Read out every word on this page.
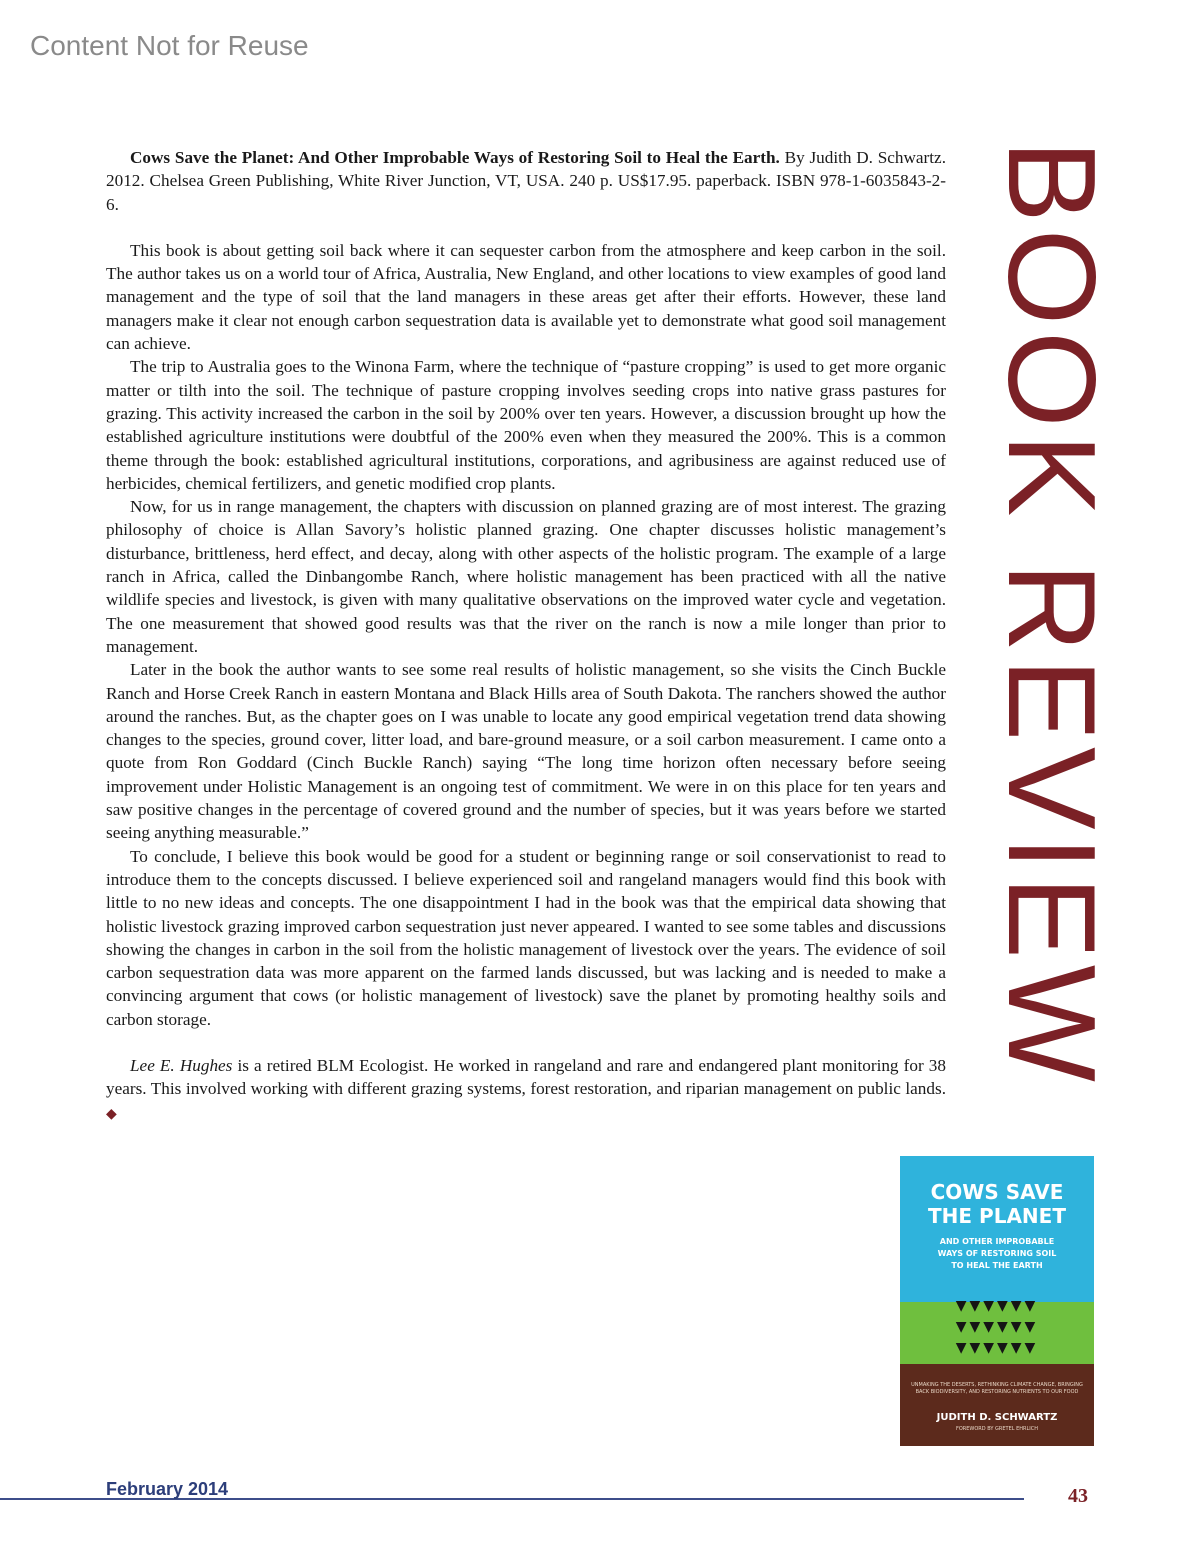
Content Not for Reuse

Cows Save the Planet: And Other Improbable Ways of Restoring Soil to Heal the Earth. By Judith D. Schwartz. 2012. Chelsea Green Publishing, White River Junction, VT, USA. 240 p. US$17.95. paperback. ISBN 978-1-6035843-2-6.

This book is about getting soil back where it can sequester carbon from the atmosphere and keep carbon in the soil. The author takes us on a world tour of Africa, Australia, New England, and other locations to view examples of good land management and the type of soil that the land managers in these areas get after their efforts. However, these land managers make it clear not enough carbon sequestration data is available yet to demonstrate what good soil management can achieve.

The trip to Australia goes to the Winona Farm, where the technique of “pasture cropping” is used to get more organic matter or tilth into the soil. The technique of pasture cropping involves seeding crops into native grass pastures for grazing. This activity increased the carbon in the soil by 200% over ten years. However, a discussion brought up how the established agriculture institutions were doubtful of the 200% even when they measured the 200%. This is a common theme through the book: established agricultural institutions, corporations, and agribusiness are against reduced use of herbicides, chemical fertilizers, and genetic modified crop plants.

Now, for us in range management, the chapters with discussion on planned grazing are of most interest. The grazing philosophy of choice is Allan Savory’s holistic planned grazing. One chapter discusses holistic management’s disturbance, brittleness, herd effect, and decay, along with other aspects of the holistic program. The example of a large ranch in Africa, called the Dinbangombe Ranch, where holistic management has been practiced with all the native wildlife species and livestock, is given with many qualitative observations on the improved water cycle and vegetation. The one measurement that showed good results was that the river on the ranch is now a mile longer than prior to management.

Later in the book the author wants to see some real results of holistic management, so she visits the Cinch Buckle Ranch and Horse Creek Ranch in eastern Montana and Black Hills area of South Dakota. The ranchers showed the author around the ranches. But, as the chapter goes on I was unable to locate any good empirical vegetation trend data showing changes to the species, ground cover, litter load, and bare-ground measure, or a soil carbon measurement. I came onto a quote from Ron Goddard (Cinch Buckle Ranch) saying “The long time horizon often necessary before seeing improvement under Holistic Management is an ongoing test of commitment. We were in on this place for ten years and saw positive changes in the percentage of covered ground and the number of species, but it was years before we started seeing anything measurable.”

To conclude, I believe this book would be good for a student or beginning range or soil conservationist to read to introduce them to the concepts discussed. I believe experienced soil and rangeland managers would find this book with little to no new ideas and concepts. The one disappointment I had in the book was that the empirical data showing that holistic livestock grazing improved carbon sequestration just never appeared. I wanted to see some tables and discussions showing the changes in carbon in the soil from the holistic management of livestock over the years. The evidence of soil carbon sequestration data was more apparent on the farmed lands discussed, but was lacking and is needed to make a convincing argument that cows (or holistic management of livestock) save the planet by promoting healthy soils and carbon storage.

Lee E. Hughes is a retired BLM Ecologist. He worked in rangeland and rare and endangered plant monitoring for 38 years. This involved working with different grazing systems, forest restoration, and riparian management on public lands. ◆

BOOK REVIEW
COWS SAVE
THE PLANET
AND OTHER IMPROBABLE
WAYS OF RESTORING SOIL
TO HEAL THE EARTH
▼▼▼▼▼▼
▼▼▼▼▼▼
▼▼▼▼▼▼
UNMAKING THE DESERTS, RETHINKING CLIMATE CHANGE, BRINGING BACK BIODIVERSITY, AND RESTORING NUTRIENTS TO OUR FOOD
JUDITH D. SCHWARTZ
FOREWORD BY GRETEL EHRLICH
February 2014	43
